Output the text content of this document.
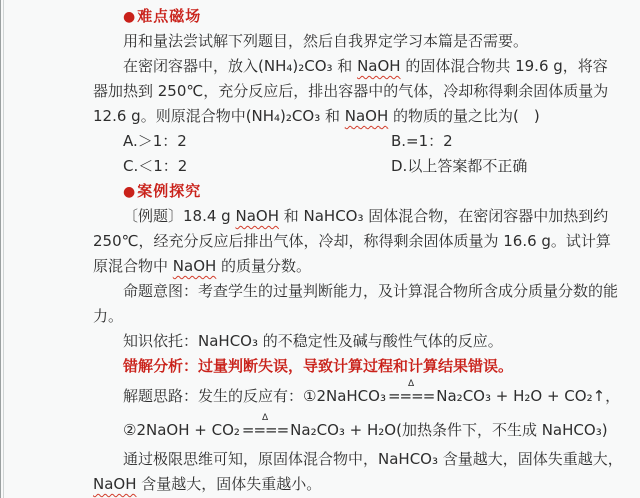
●难点磁场
用和量法尝试解下列题目，然后自我界定学习本篇是否需要。
在密闭容器中，放入(NH₄)₂CO₃ 和 NaOH 的固体混合物共 19.6 g，将容
器加热到 250℃，充分反应后，排出容器中的气体，冷却称得剩余固体质量为
12.6 g。则原混合物中(NH₄)₂CO₃ 和 NaOH 的物质的量之比为(　)
A.＞1：2	B.=1：2
C.＜1：2	D.以上答案都不正确
●案例探究
〔例题〕18.4 g NaOH 和 NaHCO₃ 固体混合物，在密闭容器中加热到约
250℃，经充分反应后排出气体，冷却，称得剩余固体质量为 16.6 g。试计算
原混合物中 NaOH 的质量分数。
命题意图：考查学生的过量判断能力，及计算混合物所含成分质量分数的能
力。
知识依托：NaHCO₃ 的不稳定性及碱与酸性气体的反应。
错解分析：过量判断失误，导致计算过程和计算结果错误。
解题思路：发生的反应有：①2NaHCO₃
Δ
==== Na₂CO₃ + H₂O + CO₂↑，
②2NaOH + CO₂
Δ
==== Na₂CO₃ + H₂O(加热条件下，不生成 NaHCO₃)
通过极限思维可知，原固体混合物中，NaHCO₃ 含量越大，固体失重越大，
NaOH 含量越大，固体失重越小。
